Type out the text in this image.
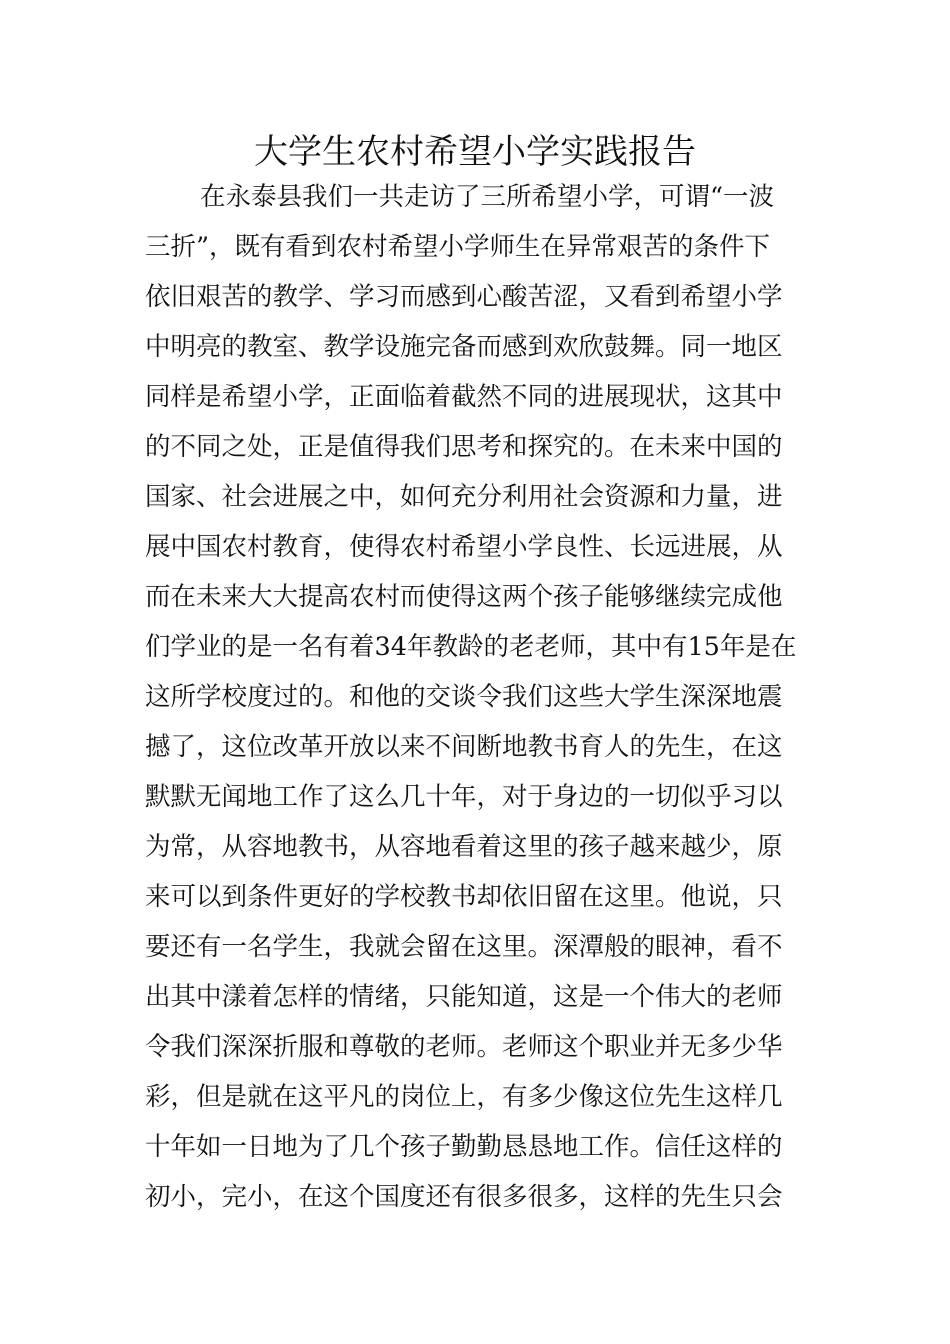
大学生农村希望小学实践报告
在永泰县我们一共走访了三所希望小学，可谓“一波
三折”，既有看到农村希望小学师生在异常艰苦的条件下
依旧艰苦的教学、学习而感到心酸苦涩，又看到希望小学
中明亮的教室、教学设施完备而感到欢欣鼓舞。同一地区
同样是希望小学，正面临着截然不同的进展现状，这其中
的不同之处，正是值得我们思考和探究的。在未来中国的
国家、社会进展之中，如何充分利用社会资源和力量，进
展中国农村教育，使得农村希望小学良性、长远进展，从
而在未来大大提高农村而使得这两个孩子能够继续完成他
们学业的是一名有着34年教龄的老老师，其中有15年是在
这所学校度过的。和他的交谈令我们这些大学生深深地震
撼了，这位改革开放以来不间断地教书育人的先生，在这
默默无闻地工作了这么几十年，对于身边的一切似乎习以
为常，从容地教书，从容地看着这里的孩子越来越少，原
来可以到条件更好的学校教书却依旧留在这里。他说，只
要还有一名学生，我就会留在这里。深潭般的眼神，看不
出其中漾着怎样的情绪，只能知道，这是一个伟大的老师
令我们深深折服和尊敬的老师。老师这个职业并无多少华
彩，但是就在这平凡的岗位上，有多少像这位先生这样几
十年如一日地为了几个孩子勤勤恳恳地工作。信任这样的
初小，完小，在这个国度还有很多很多，这样的先生只会
